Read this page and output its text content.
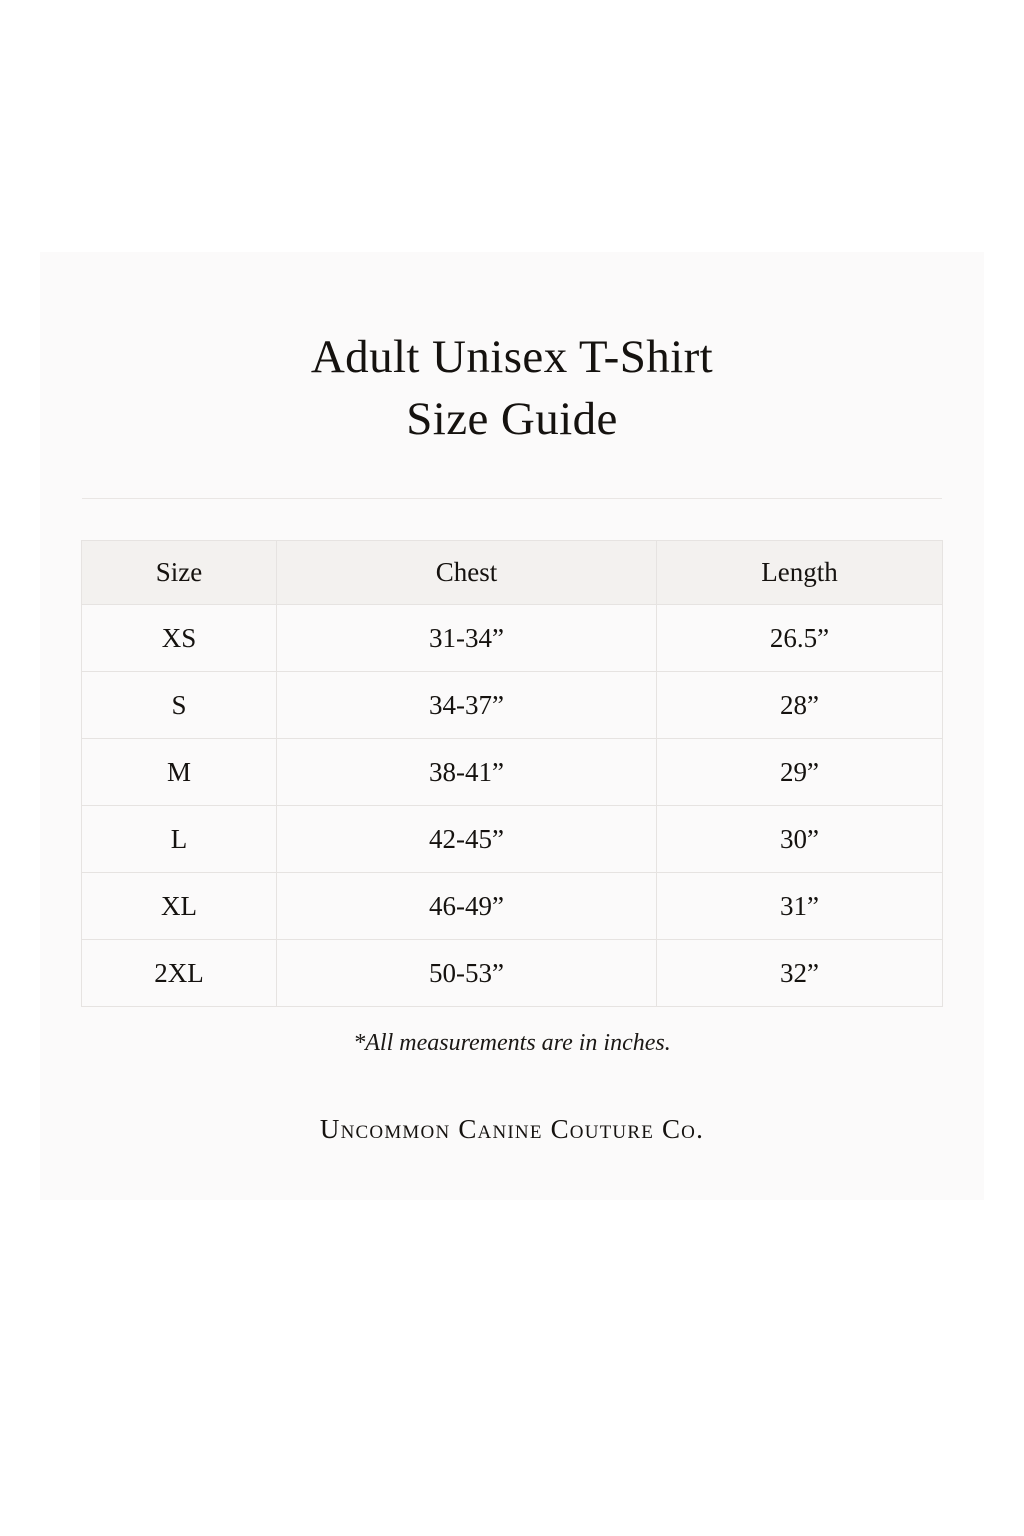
Adult Unisex T-Shirt
Size Guide
Size	Chest	Length
XS	31-34”	26.5”
S	34-37”	28”
M	38-41”	29”
L	42-45”	30”
XL	46-49”	31”
2XL	50-53”	32”
*All measurements are in inches.
Uncommon Canine Couture Co.
